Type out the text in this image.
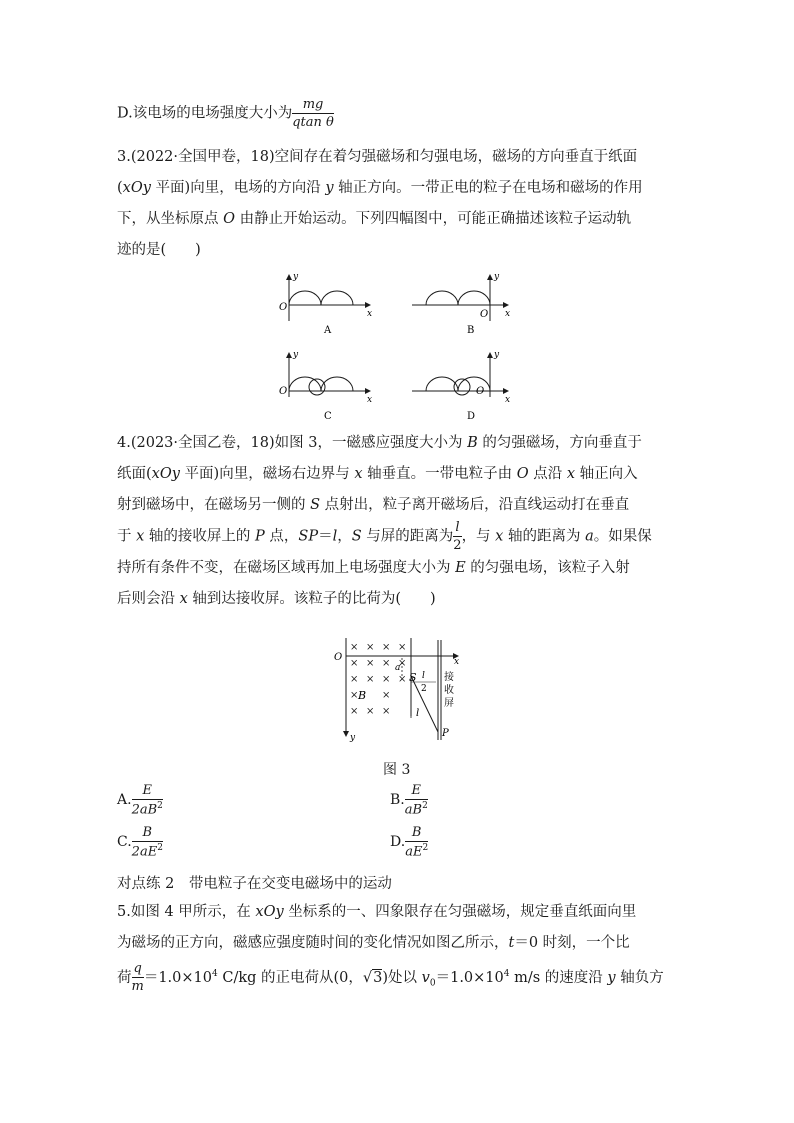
D.该电场的电场强度大小为 $\frac{mg}{\text{qtan θ}}$
3.(2022·全国甲卷，18)空间存在着匀强磁场和匀强电场，磁场的方向垂直于纸面
(xOy 平面)向里，电场的方向沿 y 轴正方向。一带正电的粒子在电场和磁场的作用
下，从坐标原点 O 由静止开始运动。下列四幅图中，可能正确描述该粒子运动轨
迹的是(　　)
y
O
x
A
y
O x
B
y
O
x
C
y
O
x
D
4.(2023·全国乙卷，18)如图 3，一磁感应强度大小为 B 的匀强磁场，方向垂直于
纸面(xOy 平面)向里，磁场右边界与 x 轴垂直。一带电粒子由 O 点沿 x 轴正向入
射到磁场中，在磁场另一侧的 S 点射出，粒子离开磁场后，沿直线运动打在垂直
于 x 轴的接收屏上的 P 点，SP＝l，S 与屏的距离为 $\frac{l}{2}$ ，与 x 轴的距离为 a。如果保
持所有条件不变，在磁场区域再加上电场强度大小为 E 的匀强电场，该粒子入射
后则会沿 x 轴到达接收屏。该粒子的比荷为(　　)
× × × ×
× × × ×
× × × ×
× ×
× × ×
O	x
y
B
S
P
a
l
2
l
接
收
屏
图 3
A. $\frac{E}{2aB^2}$	B. $\frac{E}{aB^2}$
C. $\frac{B}{2aE^2}$	D. $\frac{B}{aE^2}$
对点练 2　带电粒子在交变电磁场中的运动
5.如图 4 甲所示，在 xOy 坐标系的一、四象限存在匀强磁场，规定垂直纸面向里
为磁场的正方向，磁感应强度随时间的变化情况如图乙所示，t＝0 时刻，一个比
荷 $\frac{q}{m} =1.0\times 10^4$ C/kg 的正电荷从(0，√3)处以 $v_0=1.0\times 10^4$ m/s 的速度沿 y 轴负方
